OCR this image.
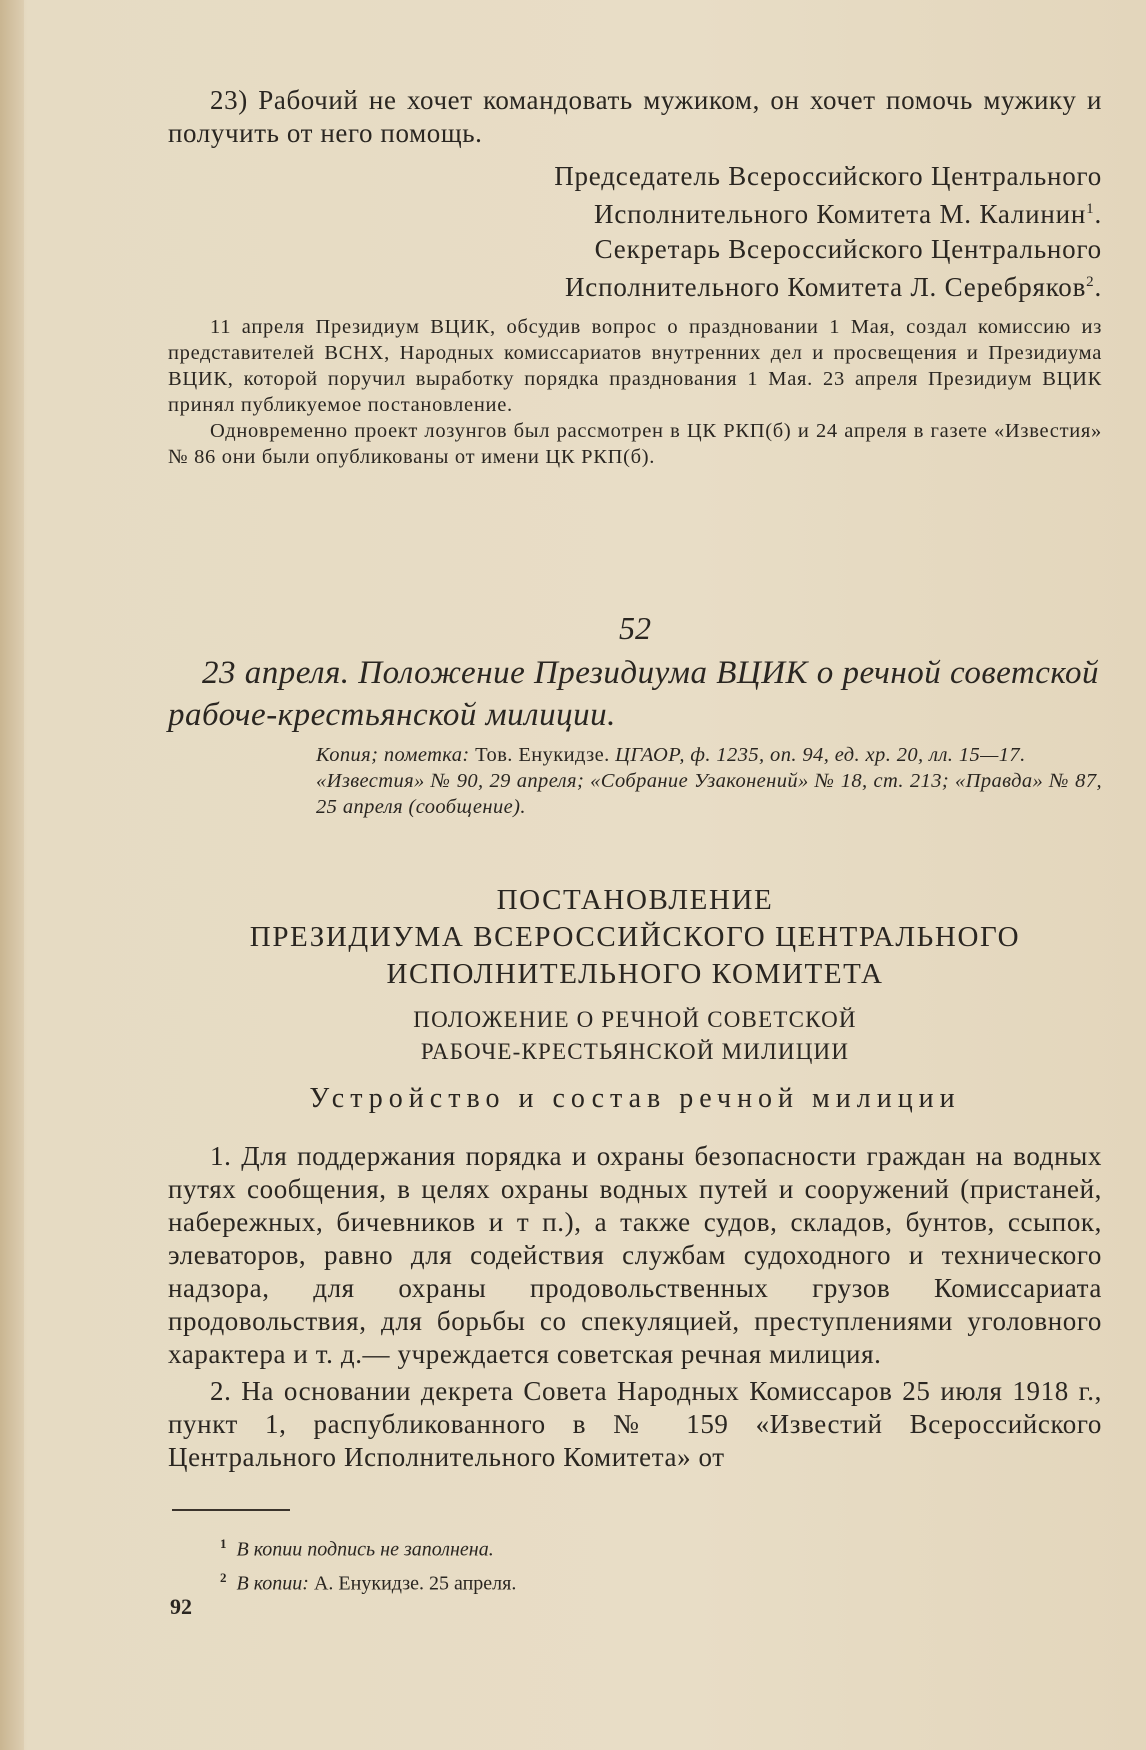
23) Рабочий не хочет командовать мужиком, он хочет помочь мужику и получить от него помощь.

Председатель Всероссийского Центрального

Исполнительного Комитета М. Калинин$^1$.

Секретарь Всероссийского Центрального

Исполнительного Комитета Л. Серебряков$^2$.

11 апреля Президиум ВЦИК, обсудив вопрос о праздновании 1 Мая, создал комиссию из представителей ВСНХ, Народных комиссариатов внутренних дел и просвещения и Президиума ВЦИК, которой поручил выработку порядка празднования 1 Мая. 23 апреля Президиум ВЦИК принял публикуемое постановление.

Одновременно проект лозунгов был рассмотрен в ЦК РКП(б) и 24 апреля в газете «Известия» № 86 они были опубликованы от имени ЦК РКП(б).

52

23 апреля. Положение Президиума ВЦИК о речной советской рабоче-крестьянской милиции.

Копия; пометка: Тов. Енукидзе. ЦГАОР, ф. 1235, оп. 94, ед. хр. 20, лл. 15—17.

«Известия» № 90, 29 апреля; «Собрание Узаконений» № 18, ст. 213; «Правда» № 87, 25 апреля (сообщение).

ПОСТАНОВЛЕНИЕ

ПРЕЗИДИУМА ВСЕРОССИЙСКОГО ЦЕНТРАЛЬНОГО

ИСПОЛНИТЕЛЬНОГО КОМИТЕТА

ПОЛОЖЕНИЕ О РЕЧНОЙ СОВЕТСКОЙ

РАБОЧЕ-КРЕСТЬЯНСКОЙ МИЛИЦИИ

Устройство и состав речной милиции

1. Для поддержания порядка и охраны безопасности граждан на водных путях сообщения, в целях охраны водных путей и сооружений (пристаней, набережных, бичевников и т п.), а также судов, складов, бунтов, ссыпок, элеваторов, равно для содействия службам судоходного и технического надзора, для охраны продовольственных грузов Комиссариата продовольствия, для борьбы со спекуляцией, преступлениями уголовного характера и т. д.— учреждается советская речная милиция.

2. На основании декрета Совета Народных Комиссаров 25 июля 1918 г., пункт 1, распубликованного в № 159 «Известий Всероссийского Центрального Исполнительного Комитета» от

$^1$ В копии подпись не заполнена.

$^2$ В копии: А. Енукидзе. 25 апреля.

92
